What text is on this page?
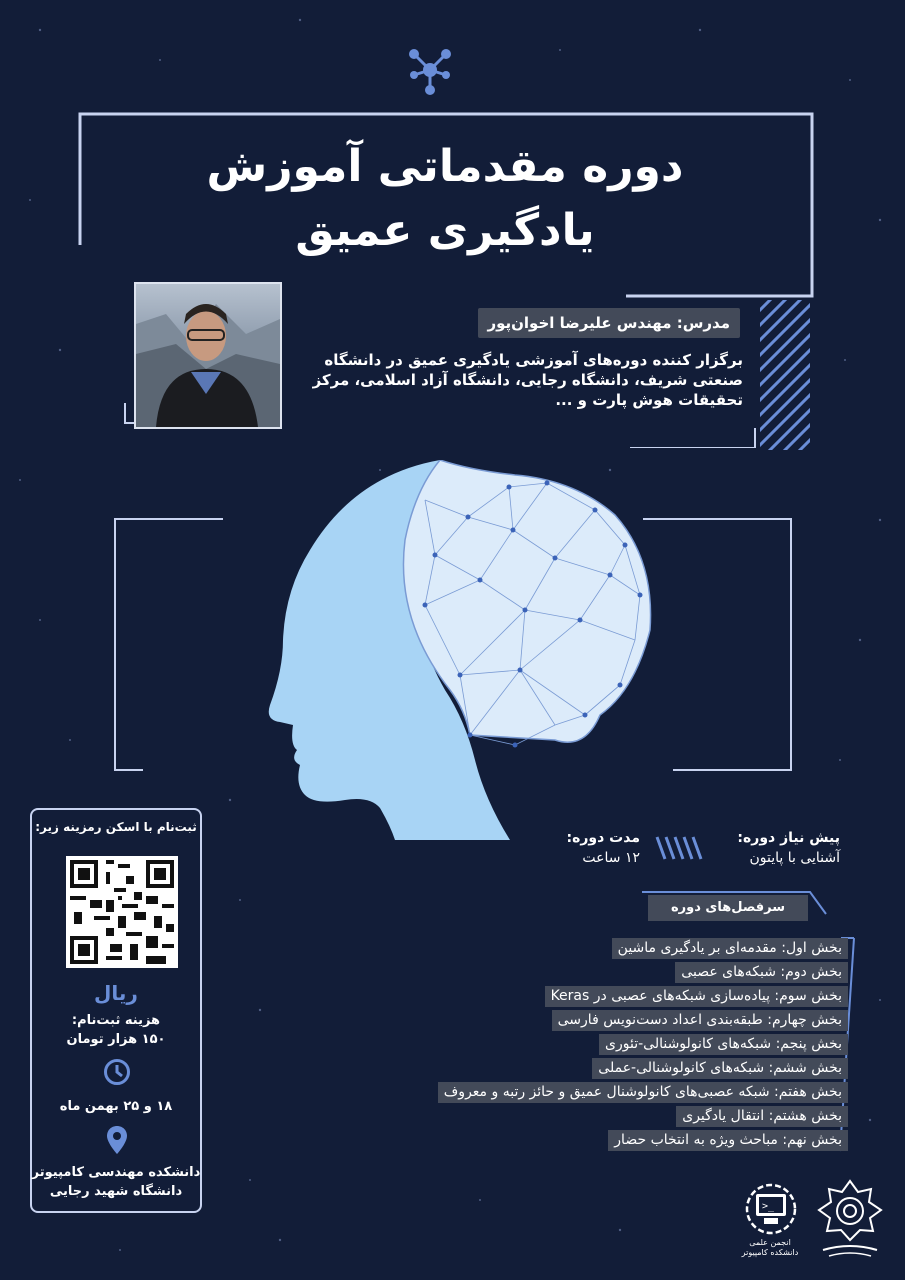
دوره مقدماتی آموزش
یادگیری عمیق
مدرس: مهندس علیرضا اخوان‌پور
برگزار کننده دوره‌های آموزشی یادگیری عمیق در دانشگاه صنعتی شریف، دانشگاه رجایی، دانشگاه آزاد اسلامی، مرکز تحقیقات هوش پارت و ...
ثبت‌نام با اسکن رمزینه زیر:
ریال
هزینه ثبت‌نام:
۱۵۰ هزار تومان
۱۸ و ۲۵ بهمن ماه
دانشکده مهندسی کامپیوتر
دانشگاه شهید رجایی
پیش نیاز دوره:
آشنایی با پایتون
مدت دوره:
۱۲ ساعت
سرفصل‌های دوره
بخش اول: مقدمه‌ای بر یادگیری ماشین
بخش دوم: شبکه‌های عصبی
بخش سوم: پیاده‌سازی شبکه‌های عصبی در Keras
بخش چهارم: طبقه‌بندی اعداد دست‌نویس فارسی
بخش پنجم: شبکه‌های کانولوشنالی-تئوری
بخش ششم: شبکه‌های کانولوشنالی-عملی
بخش هفتم: شبکه عصبی‌های کانولوشنال عمیق و حائز رتبه و معروف
بخش هشتم: انتقال یادگیری
بخش نهم: مباحث ویژه به انتخاب حضار
>_
انجمن علمی
دانشکده کامپیوتر
